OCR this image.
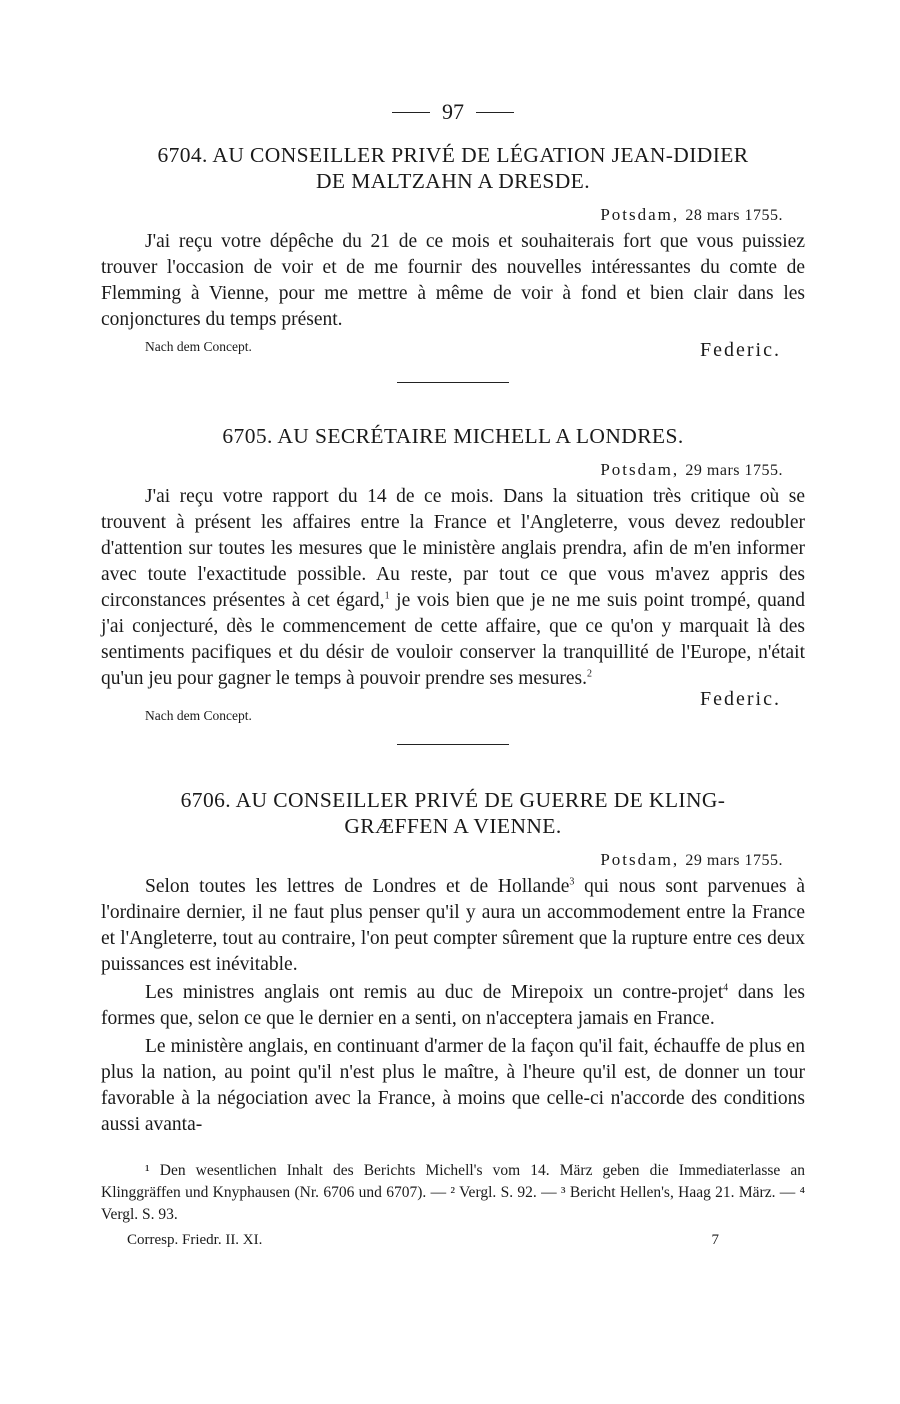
97
6704. AU CONSEILLER PRIVÉ DE LÉGATION JEAN-DIDIER
DE MALTZAHN A DRESDE.
Potsdam, 28 mars 1755.

J'ai reçu votre dépêche du 21 de ce mois et souhaiterais fort que vous puissiez trouver l'occasion de voir et de me fournir des nouvelles intéressantes du comte de Flemming à Vienne, pour me mettre à même de voir à fond et bien clair dans les conjonctures du temps présent.

Nach dem Concept.	Federic.
6705. AU SECRÉTAIRE MICHELL A LONDRES.
Potsdam, 29 mars 1755.

J'ai reçu votre rapport du 14 de ce mois. Dans la situation très critique où se trouvent à présent les affaires entre la France et l'Angleterre, vous devez redoubler d'attention sur toutes les mesures que le ministère anglais prendra, afin de m'en informer avec toute l'exactitude possible. Au reste, par tout ce que vous m'avez appris des circonstances présentes à cet égard,$^1$ je vois bien que je ne me suis point trompé, quand j'ai conjecturé, dès le commencement de cette affaire, que ce qu'on y marquait là des sentiments pacifiques et du désir de vouloir conserver la tranquillité de l'Europe, n'était qu'un jeu pour gagner le temps à pouvoir prendre ses mesures.$^2$

Nach dem Concept.
Federic.
6706. AU CONSEILLER PRIVÉ DE GUERRE DE KLING-
GRÆFFEN A VIENNE.
Potsdam, 29 mars 1755.

Selon toutes les lettres de Londres et de Hollande$^3$ qui nous sont parvenues à l'ordinaire dernier, il ne faut plus penser qu'il y aura un accommodement entre la France et l'Angleterre, tout au contraire, l'on peut compter sûrement que la rupture entre ces deux puissances est inévitable.

Les ministres anglais ont remis au duc de Mirepoix un contre-projet$^4$ dans les formes que, selon ce que le dernier en a senti, on n'acceptera jamais en France.

Le ministère anglais, en continuant d'armer de la façon qu'il fait, échauffe de plus en plus la nation, au point qu'il n'est plus le maître, à l'heure qu'il est, de donner un tour favorable à la négociation avec la France, à moins que celle-ci n'accorde des conditions aussi avanta-

¹ Den wesentlichen Inhalt des Berichts Michell's vom 14. März geben die Immediaterlasse an Klinggräffen und Knyphausen (Nr. 6706 und 6707). — ² Vergl. S. 92. — ³ Bericht Hellen's, Haag 21. März. — ⁴ Vergl. S. 93.
Corresp. Friedr. II. XI.	7
